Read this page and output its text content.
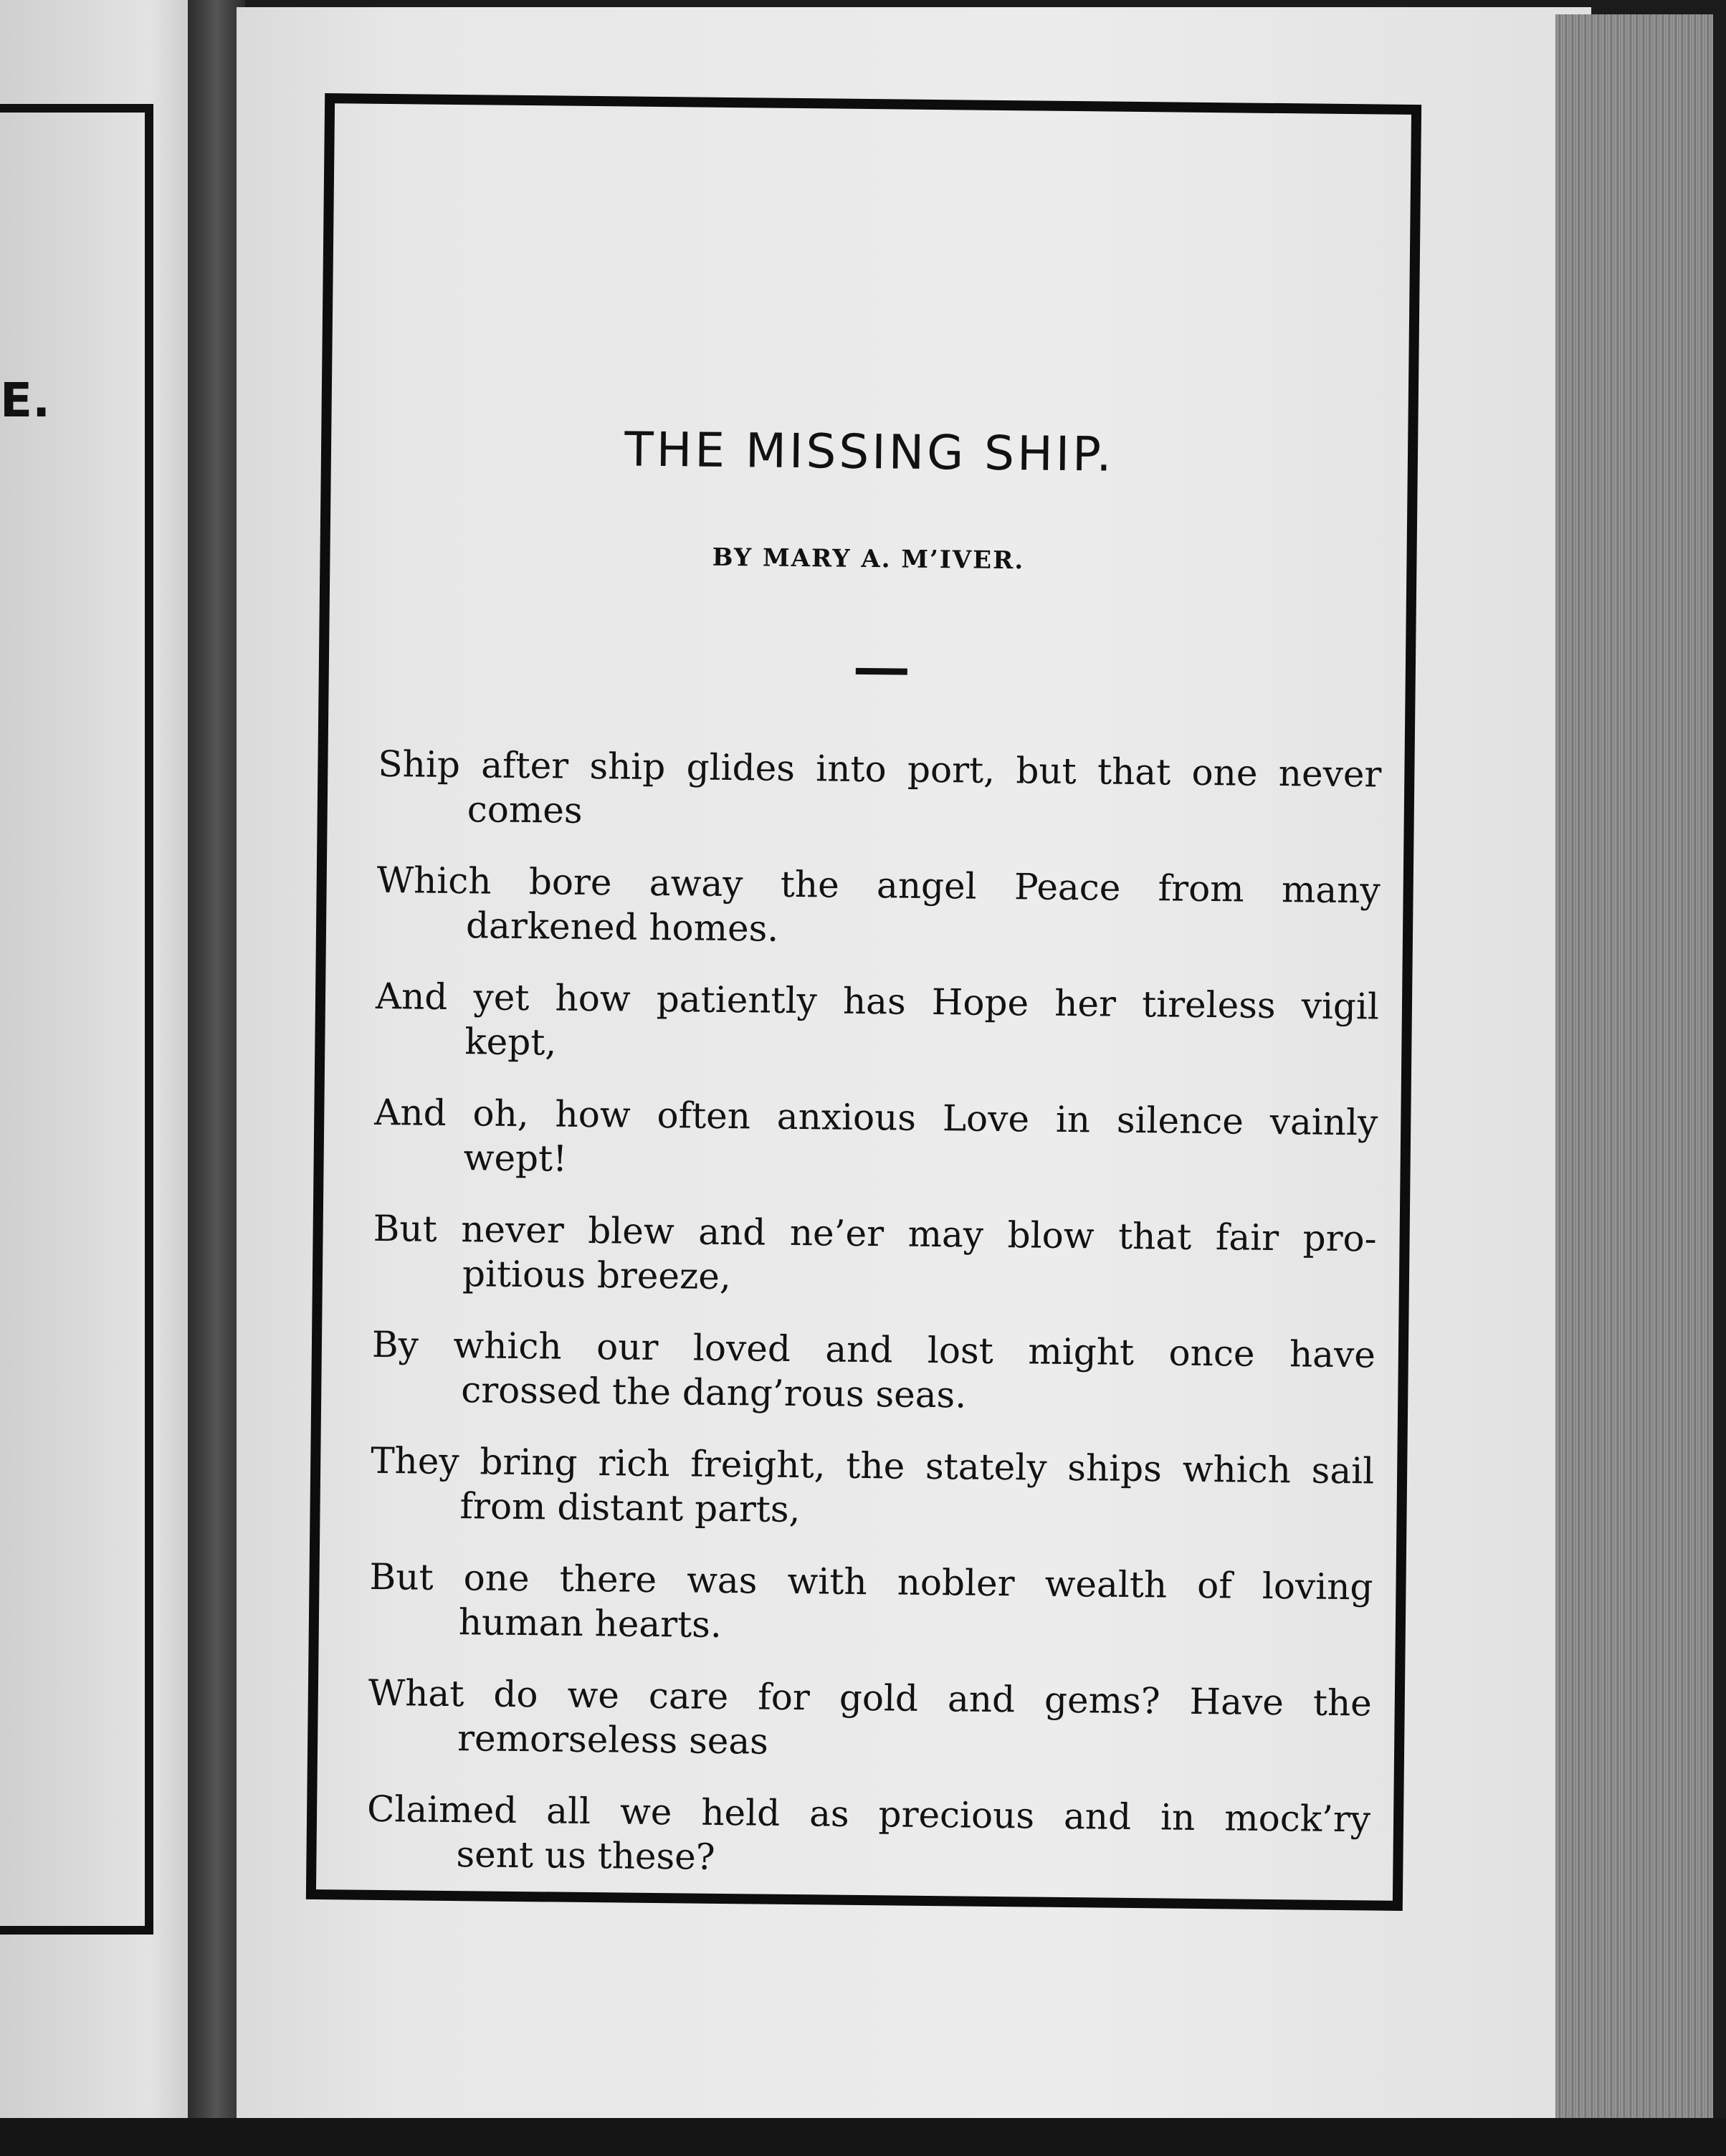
E.
THE MISSING SHIP.
BY MARY A. M’IVER.
Ship after ship glides into port, but that one never
comes
Which bore away the angel Peace from many
darkened homes.
And yet how patiently has Hope her tireless vigil
kept,
And oh, how often anxious Love in silence vainly
wept!
But never blew and ne’er may blow that fair pro-
pitious breeze,
By which our loved and lost might once have
crossed the dang’rous seas.
They bring rich freight, the stately ships which sail
from distant parts,
But one there was with nobler wealth of loving
human hearts.
What do we care for gold and gems? Have the
remorseless seas
Claimed all we held as precious and in mock’ry
sent us these?
